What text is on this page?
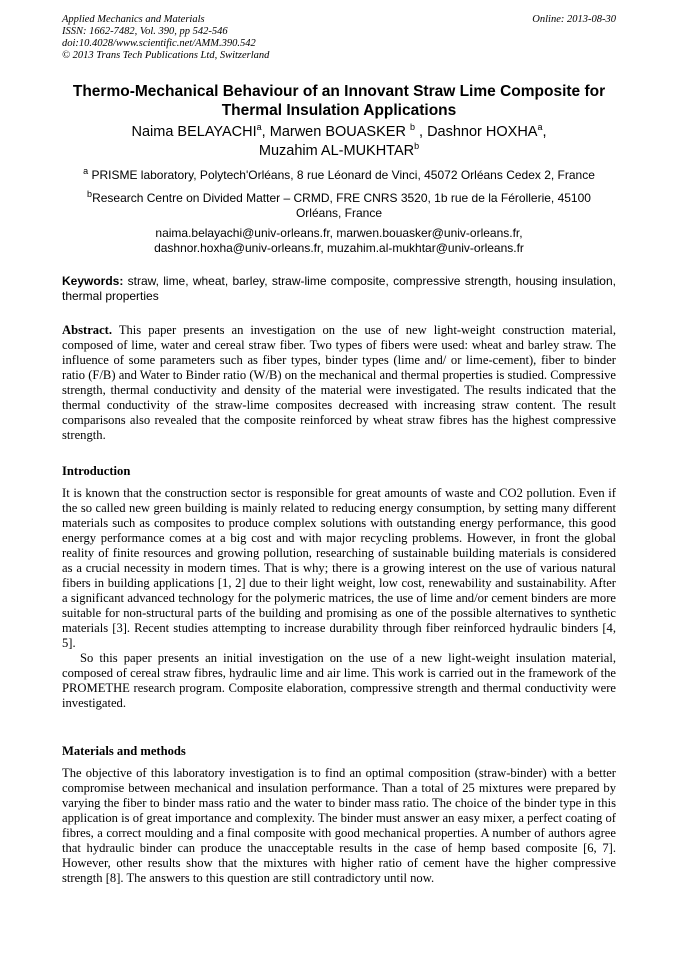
Applied Mechanics and Materials
ISSN: 1662-7482, Vol. 390, pp 542-546
doi:10.4028/www.scientific.net/AMM.390.542
© 2013 Trans Tech Publications Ltd, Switzerland
Online: 2013-08-30
Thermo-Mechanical Behaviour of an Innovant Straw Lime Composite for Thermal Insulation Applications
Naima BELAYACHI$^a$, Marwen BOUASKER $^b$ , Dashnor HOXHA$^a$,
Muzahim AL-MUKHTAR$^b$
$^a$ PRISME laboratory, Polytech'Orléans, 8 rue Léonard de Vinci, 45072 Orléans Cedex 2, France
$^b$Research Centre on Divided Matter – CRMD, FRE CNRS 3520, 1b rue de la Férollerie, 45100 Orléans, France
naima.belayachi@univ-orleans.fr, marwen.bouasker@univ-orleans.fr,
dashnor.hoxha@univ-orleans.fr, muzahim.al-mukhtar@univ-orleans.fr
Keywords: straw, lime, wheat, barley, straw-lime composite, compressive strength, housing insulation, thermal properties
Abstract. This paper presents an investigation on the use of new light-weight construction material, composed of lime, water and cereal straw fiber. Two types of fibers were used: wheat and barley straw. The influence of some parameters such as fiber types, binder types (lime and/ or lime-cement), fiber to binder ratio (F/B) and Water to Binder ratio (W/B) on the mechanical and thermal properties is studied. Compressive strength, thermal conductivity and density of the material were investigated. The results indicated that the thermal conductivity of the straw-lime composites decreased with increasing straw content. The result comparisons also revealed that the composite reinforced by wheat straw fibres has the highest compressive strength.
Introduction

It is known that the construction sector is responsible for great amounts of waste and CO2 pollution. Even if the so called new green building is mainly related to reducing energy consumption, by setting many different materials such as composites to produce complex solutions with outstanding energy performance, this good energy performance comes at a big cost and with major recycling problems. However, in front the global reality of finite resources and growing pollution, researching of sustainable building materials is considered as a crucial necessity in modern times. That is why; there is a growing interest on the use of various natural fibers in building applications [1, 2] due to their light weight, low cost, renewability and sustainability. After a significant advanced technology for the polymeric matrices, the use of lime and/or cement binders are more suitable for non-structural parts of the building and promising as one of the possible alternatives to synthetic materials [3]. Recent studies attempting to increase durability through fiber reinforced hydraulic binders [4, 5].

So this paper presents an initial investigation on the use of a new light-weight insulation material, composed of cereal straw fibres, hydraulic lime and air lime. This work is carried out in the framework of the PROMETHE research program. Composite elaboration, compressive strength and thermal conductivity were investigated.

Materials and methods

The objective of this laboratory investigation is to find an optimal composition (straw-binder) with a better compromise between mechanical and insulation performance. Than a total of 25 mixtures were prepared by varying the fiber to binder mass ratio and the water to binder mass ratio. The choice of the binder type in this application is of great importance and complexity. The binder must answer an easy mixer, a perfect coating of fibres, a correct moulding and a final composite with good mechanical properties. A number of authors agree that hydraulic binder can produce the unacceptable results in the case of hemp based composite [6, 7]. However, other results show that the mixtures with higher ratio of cement have the higher compressive strength [8]. The answers to this question are still contradictory until now.
